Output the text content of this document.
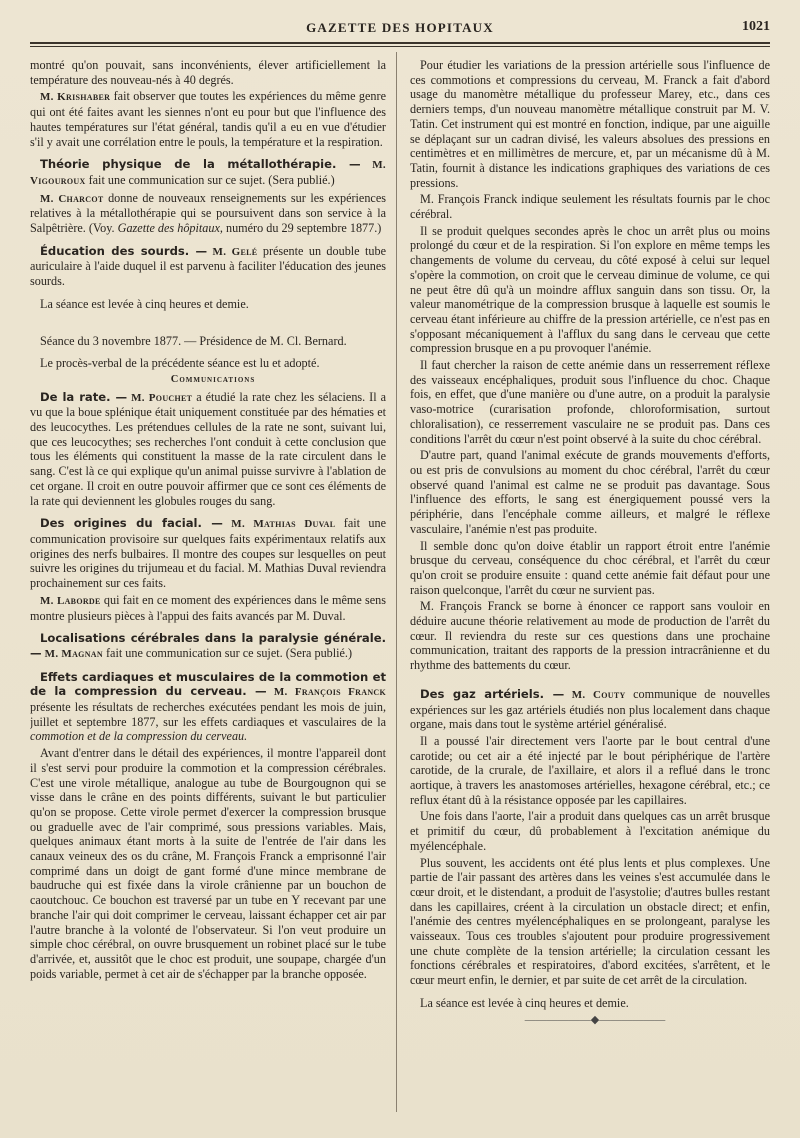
GAZETTE DES HOPITAUX	1021

montré qu'on pouvait, sans inconvénients, élever artificiellement la température des nouveau-nés à 40 degrés.

M. Krishaber fait observer que toutes les expériences du même genre qui ont été faites avant les siennes n'ont eu pour but que l'influence des hautes températures sur l'état général, tandis qu'il a eu en vue d'étudier s'il y avait une corrélation entre le pouls, la température et la respiration.

Théorie physique de la métallothérapie. — M. Vigouroux fait une communication sur ce sujet. (Sera publié.)

M. Charcot donne de nouveaux renseignements sur les expériences relatives à la métallothérapie qui se poursuivent dans son service à la Salpêtrière. (Voy. Gazette des hôpitaux, numéro du 29 septembre 1877.)

Éducation des sourds. — M. Gelé présente un double tube auriculaire à l'aide duquel il est parvenu à faciliter l'éducation des jeunes sourds.

La séance est levée à cinq heures et demie.

Séance du 3 novembre 1877. — Présidence de M. Cl. Bernard.

Le procès-verbal de la précédente séance est lu et adopté.

Communications

De la rate. — M. Pouchet a étudié la rate chez les sélaciens. Il a vu que la boue splénique était uniquement constituée par des hématies et des leucocythes. Les prétendues cellules de la rate ne sont, suivant lui, que ces leucocythes; ses recherches l'ont conduit à cette conclusion que tous les éléments qui constituent la masse de la rate circulent dans le sang. C'est là ce qui explique qu'un animal puisse survivre à l'ablation de cet organe. Il croit en outre pouvoir affirmer que ce sont ces éléments de la rate qui deviennent les globules rouges du sang.

Des origines du facial. — M. Mathias Duval fait une communication provisoire sur quelques faits expérimentaux relatifs aux origines des nerfs bulbaires. Il montre des coupes sur lesquelles on peut suivre les origines du trijumeau et du facial. M. Mathias Duval reviendra prochainement sur ces faits.

M. Laborde qui fait en ce moment des expériences dans le même sens montre plusieurs pièces à l'appui des faits avancés par M. Duval.

Localisations cérébrales dans la paralysie générale. — M. Magnan fait une communication sur ce sujet. (Sera publié.)

Effets cardiaques et musculaires de la commotion et de la compression du cerveau. — M. François Franck présente les résultats de recherches exécutées pendant les mois de juin, juillet et septembre 1877, sur les effets cardiaques et vasculaires de la commotion et de la compression du cerveau.

Avant d'entrer dans le détail des expériences, il montre l'appareil dont il s'est servi pour produire la commotion et la compression cérébrales. C'est une virole métallique, analogue au tube de Bourgougnon qui se visse dans le crâne en des points différents, suivant le but particulier qu'on se propose. Cette virole permet d'exercer la compression brusque ou graduelle avec de l'air comprimé, sous pressions variables. Mais, quelques animaux étant morts à la suite de l'entrée de l'air dans les canaux veineux des os du crâne, M. François Franck a emprisonné l'air comprimé dans un doigt de gant formé d'une mince membrane de baudruche qui est fixée dans la virole crânienne par un bouchon de caoutchouc. Ce bouchon est traversé par un tube en Y recevant par une branche l'air qui doit comprimer le cerveau, laissant échapper cet air par l'autre branche à la volonté de l'observateur. Si l'on veut produire un simple choc cérébral, on ouvre brusquement un robinet placé sur le tube d'arrivée, et, aussitôt que le choc est produit, une soupape, chargée d'un poids variable, permet à cet air de s'échapper par la branche opposée.

Pour étudier les variations de la pression artérielle sous l'influence de ces commotions et compressions du cerveau, M. Franck a fait d'abord usage du manomètre métallique du professeur Marey, etc., dans ces derniers temps, d'un nouveau manomètre métallique construit par M. V. Tatin. Cet instrument qui est montré en fonction, indique, par une aiguille se déplaçant sur un cadran divisé, les valeurs absolues des pressions en centimètres et en millimètres de mercure, et, par un mécanisme dû à M. Tatin, fournit à distance les indications graphiques des variations de ces pressions.

M. François Franck indique seulement les résultats fournis par le choc cérébral.

Il se produit quelques secondes après le choc un arrêt plus ou moins prolongé du cœur et de la respiration. Si l'on explore en même temps les changements de volume du cerveau, du côté exposé à celui sur lequel s'opère la commotion, on croit que le cerveau diminue de volume, ce qui ne peut être dû qu'à un moindre afflux sanguin dans son tissu. Or, la valeur manométrique de la compression brusque à laquelle est soumis le cerveau étant inférieure au chiffre de la pression artérielle, ce n'est pas en s'opposant mécaniquement à l'afflux du sang dans le cerveau que cette compression brusque en a pu provoquer l'anémie.

Il faut chercher la raison de cette anémie dans un resserrement réflexe des vaisseaux encéphaliques, produit sous l'influence du choc. Chaque fois, en effet, que d'une manière ou d'une autre, on a produit la paralysie vaso-motrice (curarisation profonde, chloroformisation, surtout chloralisation), ce resserrement vasculaire ne se produit pas. Dans ces conditions l'arrêt du cœur n'est point observé à la suite du choc cérébral.

D'autre part, quand l'animal exécute de grands mouvements d'efforts, ou est pris de convulsions au moment du choc cérébral, l'arrêt du cœur observé quand l'animal est calme ne se produit pas davantage. Sous l'influence des efforts, le sang est énergiquement poussé vers la périphérie, dans l'encéphale comme ailleurs, et malgré le réflexe vasculaire, l'anémie n'est pas produite.

Il semble donc qu'on doive établir un rapport étroit entre l'anémie brusque du cerveau, conséquence du choc cérébral, et l'arrêt du cœur qu'on croit se produire ensuite : quand cette anémie fait défaut pour une raison quelconque, l'arrêt du cœur ne survient pas.

M. François Franck se borne à énoncer ce rapport sans vouloir en déduire aucune théorie relativement au mode de production de l'arrêt du cœur. Il reviendra du reste sur ces questions dans une prochaine communication, traitant des rapports de la pression intracrânienne et du rhythme des battements du cœur.

Des gaz artériels. — M. Couty communique de nouvelles expériences sur les gaz artériels étudiés non plus localement dans chaque organe, mais dans tout le système artériel généralisé.

Il a poussé l'air directement vers l'aorte par le bout central d'une carotide; ou cet air a été injecté par le bout périphérique de l'artère carotide, de la crurale, de l'axillaire, et alors il a reflué dans le tronc aortique, à travers les anastomoses artérielles, hexagone cérébral, etc.; ce reflux étant dû à la résistance opposée par les capillaires.

Une fois dans l'aorte, l'air a produit dans quelques cas un arrêt brusque et primitif du cœur, dû probablement à l'excitation anémique du myélencéphale.

Plus souvent, les accidents ont été plus lents et plus complexes. Une partie de l'air passant des artères dans les veines s'est accumulée dans le cœur droit, et le distendant, a produit de l'asystolie; d'autres bulles restant dans les capillaires, créent à la circulation un obstacle direct; et enfin, l'anémie des centres myélencéphaliques en se prolongeant, paralyse les vaisseaux. Tous ces troubles s'ajoutent pour produire progressivement une chute complète de la tension artérielle; la circulation cessant les fonctions cérébrales et respiratoires, d'abord excitées, s'arrêtent, et le cœur meurt enfin, le dernier, et par suite de cet arrêt de la circulation.

La séance est levée à cinq heures et demie.

——————◆——————
